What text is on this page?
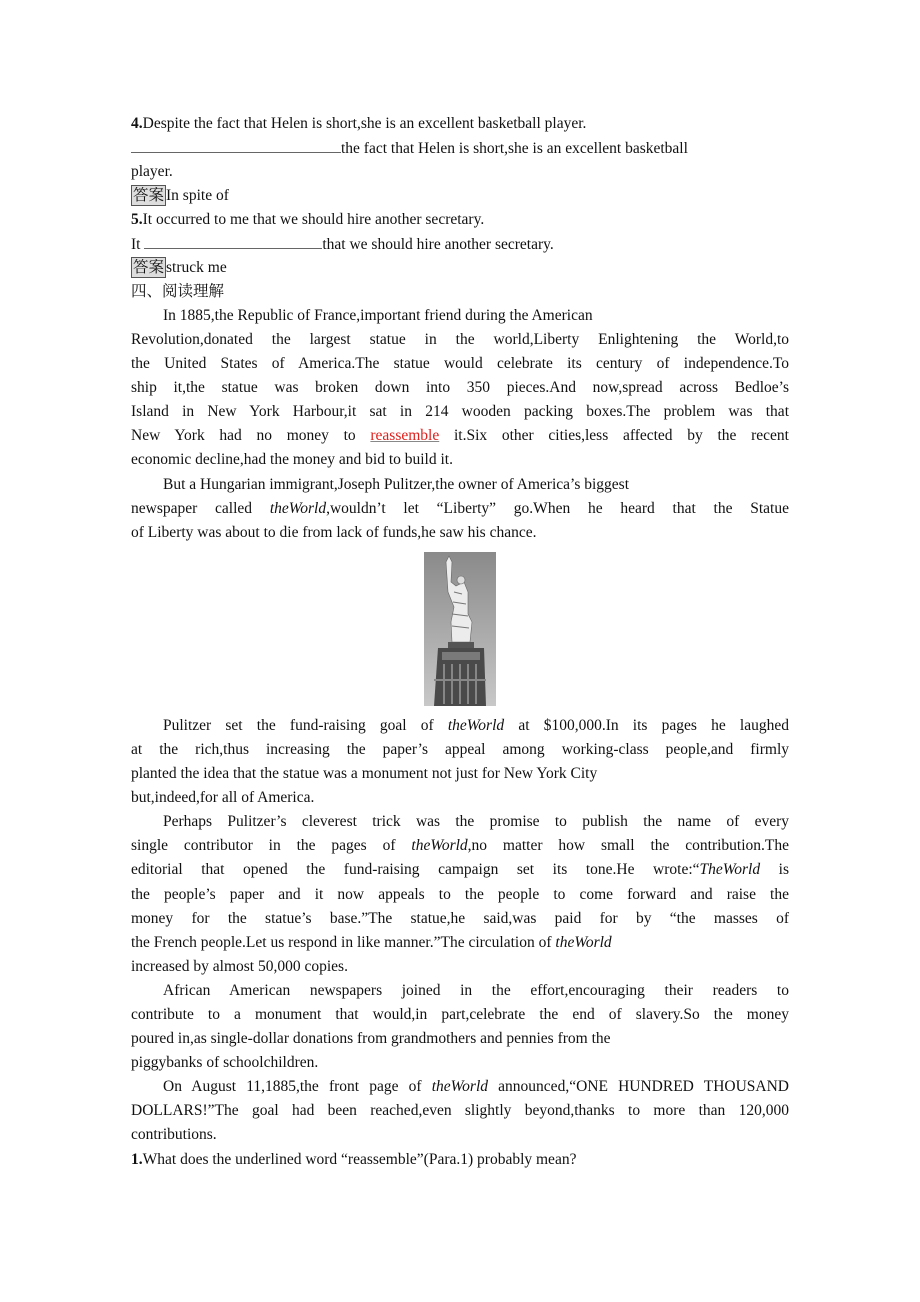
4.Despite the fact that Helen is short,she is an excellent basketball player.
the fact that Helen is short,she is an excellent basketball
player.
答案 In spite of
5.It occurred to me that we should hire another secretary.
It	that we should hire another secretary.
答案 struck me
四、阅读理解
In 1885,the Republic of France,important friend during the American
Revolution,donated the largest statue in the world,Liberty Enlightening the World,to
the United States of America.The statue would celebrate its century of independence.To
ship it,the statue was broken down into 350 pieces.And now,spread across Bedloe’s
Island in New York Harbour,it sat in 214 wooden packing boxes.The problem was that
New York had no money to reassemble it.Six other cities,less affected by the recent
economic decline,had the money and bid to build it.
But a Hungarian immigrant,Joseph Pulitzer,the owner of America’s biggest
newspaper called theWorld,wouldn’t let “Liberty” go.When he heard that the Statue
of Liberty was about to die from lack of funds,he saw his chance.
Pulitzer set the fund-raising goal of theWorld at $100,000.In its pages he laughed
at the rich,thus increasing the paper’s appeal among working-class people,and firmly
planted the idea that the statue was a monument not just for New York City
but,indeed,for all of America.
Perhaps Pulitzer’s cleverest trick was the promise to publish the name of every
single contributor in the pages of theWorld,no matter how small the contribution.The
editorial that opened the fund-raising campaign set its tone.He wrote:“TheWorld is
the people’s paper and it now appeals to the people to come forward and raise the
money for the statue’s base.”The statue,he said,was paid for by “the masses of
the French people.Let us respond in like manner.”The circulation of theWorld
increased by almost 50,000 copies.
African American newspapers joined in the effort,encouraging their readers to
contribute to a monument that would,in part,celebrate the end of slavery.So the money
poured in,as single-dollar donations from grandmothers and pennies from the
piggybanks of schoolchildren.
On August 11,1885,the front page of theWorld announced,“ONE HUNDRED THOUSAND
DOLLARS!”The goal had been reached,even slightly beyond,thanks to more than 120,000
contributions.
1.What does the underlined word “reassemble”(Para.1) probably mean?
